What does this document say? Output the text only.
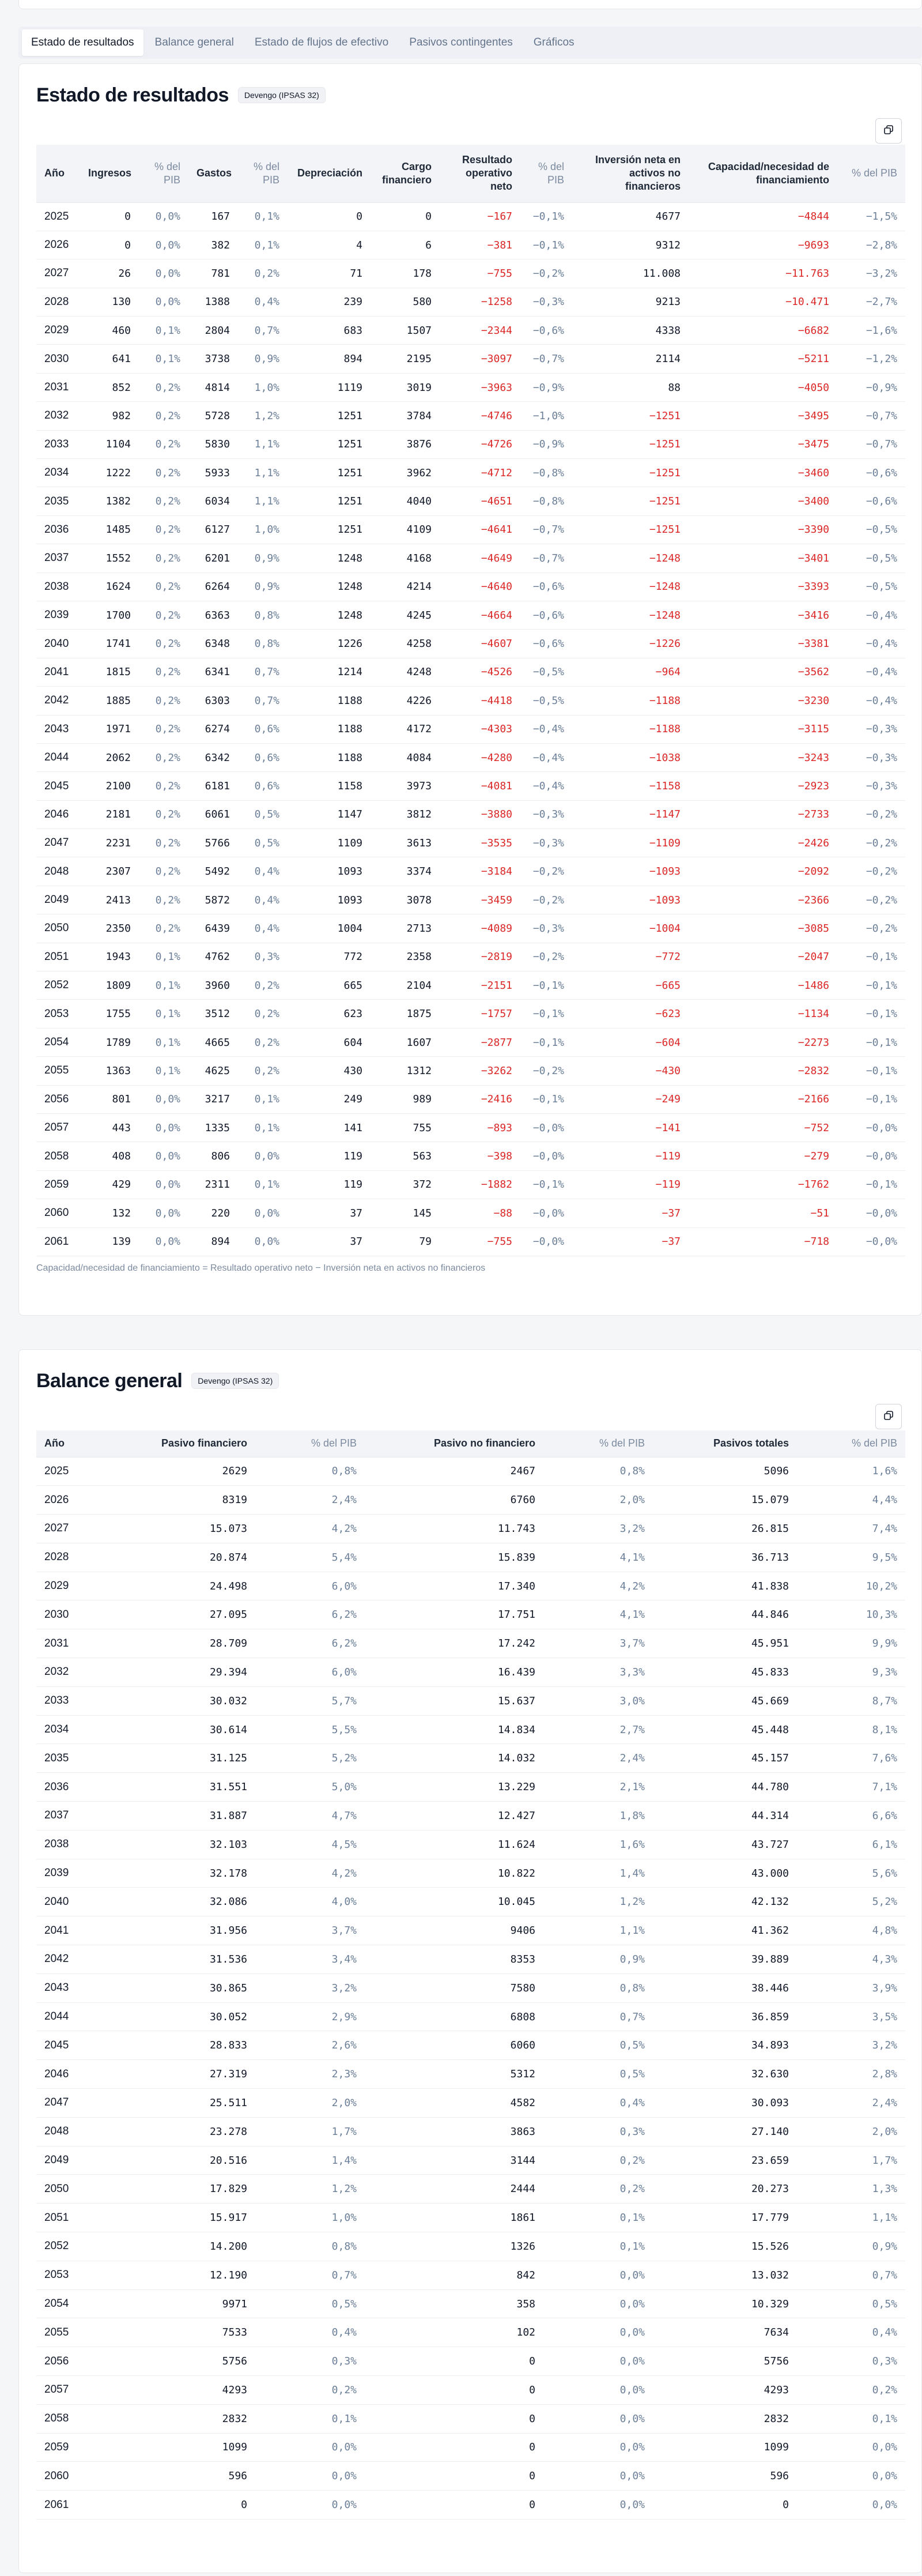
Estado de resultados	Balance general	Estado de flujos de efectivo	Pasivos contingentes	Gráficos
Estado de resultados	Devengo (IPSAS 32)
Año	Ingresos	% del PIB	Gastos	% del PIB	Depreciación	Cargo financiero	Resultado operativo neto	% del PIB	Inversión neta en activos no financieros	Capacidad/necesidad de financiamiento	% del PIB
2025	0	0,0%	167	0,1%	0	0	−167	−0,1%	4677	−4844	−1,5%
2026	0	0,0%	382	0,1%	4	6	−381	−0,1%	9312	−9693	−2,8%
2027	26	0,0%	781	0,2%	71	178	−755	−0,2%	11.008	−11.763	−3,2%
2028	130	0,0%	1388	0,4%	239	580	−1258	−0,3%	9213	−10.471	−2,7%
2029	460	0,1%	2804	0,7%	683	1507	−2344	−0,6%	4338	−6682	−1,6%
2030	641	0,1%	3738	0,9%	894	2195	−3097	−0,7%	2114	−5211	−1,2%
2031	852	0,2%	4814	1,0%	1119	3019	−3963	−0,9%	88	−4050	−0,9%
2032	982	0,2%	5728	1,2%	1251	3784	−4746	−1,0%	−1251	−3495	−0,7%
2033	1104	0,2%	5830	1,1%	1251	3876	−4726	−0,9%	−1251	−3475	−0,7%
2034	1222	0,2%	5933	1,1%	1251	3962	−4712	−0,8%	−1251	−3460	−0,6%
2035	1382	0,2%	6034	1,1%	1251	4040	−4651	−0,8%	−1251	−3400	−0,6%
2036	1485	0,2%	6127	1,0%	1251	4109	−4641	−0,7%	−1251	−3390	−0,5%
2037	1552	0,2%	6201	0,9%	1248	4168	−4649	−0,7%	−1248	−3401	−0,5%
2038	1624	0,2%	6264	0,9%	1248	4214	−4640	−0,6%	−1248	−3393	−0,5%
2039	1700	0,2%	6363	0,8%	1248	4245	−4664	−0,6%	−1248	−3416	−0,4%
2040	1741	0,2%	6348	0,8%	1226	4258	−4607	−0,6%	−1226	−3381	−0,4%
2041	1815	0,2%	6341	0,7%	1214	4248	−4526	−0,5%	−964	−3562	−0,4%
2042	1885	0,2%	6303	0,7%	1188	4226	−4418	−0,5%	−1188	−3230	−0,4%
2043	1971	0,2%	6274	0,6%	1188	4172	−4303	−0,4%	−1188	−3115	−0,3%
2044	2062	0,2%	6342	0,6%	1188	4084	−4280	−0,4%	−1038	−3243	−0,3%
2045	2100	0,2%	6181	0,6%	1158	3973	−4081	−0,4%	−1158	−2923	−0,3%
2046	2181	0,2%	6061	0,5%	1147	3812	−3880	−0,3%	−1147	−2733	−0,2%
2047	2231	0,2%	5766	0,5%	1109	3613	−3535	−0,3%	−1109	−2426	−0,2%
2048	2307	0,2%	5492	0,4%	1093	3374	−3184	−0,2%	−1093	−2092	−0,2%
2049	2413	0,2%	5872	0,4%	1093	3078	−3459	−0,2%	−1093	−2366	−0,2%
2050	2350	0,2%	6439	0,4%	1004	2713	−4089	−0,3%	−1004	−3085	−0,2%
2051	1943	0,1%	4762	0,3%	772	2358	−2819	−0,2%	−772	−2047	−0,1%
2052	1809	0,1%	3960	0,2%	665	2104	−2151	−0,1%	−665	−1486	−0,1%
2053	1755	0,1%	3512	0,2%	623	1875	−1757	−0,1%	−623	−1134	−0,1%
2054	1789	0,1%	4665	0,2%	604	1607	−2877	−0,1%	−604	−2273	−0,1%
2055	1363	0,1%	4625	0,2%	430	1312	−3262	−0,2%	−430	−2832	−0,1%
2056	801	0,0%	3217	0,1%	249	989	−2416	−0,1%	−249	−2166	−0,1%
2057	443	0,0%	1335	0,1%	141	755	−893	−0,0%	−141	−752	−0,0%
2058	408	0,0%	806	0,0%	119	563	−398	−0,0%	−119	−279	−0,0%
2059	429	0,0%	2311	0,1%	119	372	−1882	−0,1%	−119	−1762	−0,1%
2060	132	0,0%	220	0,0%	37	145	−88	−0,0%	−37	−51	−0,0%
2061	139	0,0%	894	0,0%	37	79	−755	−0,0%	−37	−718	−0,0%
Capacidad/necesidad de financiamiento = Resultado operativo neto − Inversión neta en activos no financieros
Balance general	Devengo (IPSAS 32)
Año	Pasivo financiero	% del PIB	Pasivo no financiero	% del PIB	Pasivos totales	% del PIB
2025	2629	0,8%	2467	0,8%	5096	1,6%
2026	8319	2,4%	6760	2,0%	15.079	4,4%
2027	15.073	4,2%	11.743	3,2%	26.815	7,4%
2028	20.874	5,4%	15.839	4,1%	36.713	9,5%
2029	24.498	6,0%	17.340	4,2%	41.838	10,2%
2030	27.095	6,2%	17.751	4,1%	44.846	10,3%
2031	28.709	6,2%	17.242	3,7%	45.951	9,9%
2032	29.394	6,0%	16.439	3,3%	45.833	9,3%
2033	30.032	5,7%	15.637	3,0%	45.669	8,7%
2034	30.614	5,5%	14.834	2,7%	45.448	8,1%
2035	31.125	5,2%	14.032	2,4%	45.157	7,6%
2036	31.551	5,0%	13.229	2,1%	44.780	7,1%
2037	31.887	4,7%	12.427	1,8%	44.314	6,6%
2038	32.103	4,5%	11.624	1,6%	43.727	6,1%
2039	32.178	4,2%	10.822	1,4%	43.000	5,6%
2040	32.086	4,0%	10.045	1,2%	42.132	5,2%
2041	31.956	3,7%	9406	1,1%	41.362	4,8%
2042	31.536	3,4%	8353	0,9%	39.889	4,3%
2043	30.865	3,2%	7580	0,8%	38.446	3,9%
2044	30.052	2,9%	6808	0,7%	36.859	3,5%
2045	28.833	2,6%	6060	0,5%	34.893	3,2%
2046	27.319	2,3%	5312	0,5%	32.630	2,8%
2047	25.511	2,0%	4582	0,4%	30.093	2,4%
2048	23.278	1,7%	3863	0,3%	27.140	2,0%
2049	20.516	1,4%	3144	0,2%	23.659	1,7%
2050	17.829	1,2%	2444	0,2%	20.273	1,3%
2051	15.917	1,0%	1861	0,1%	17.779	1,1%
2052	14.200	0,8%	1326	0,1%	15.526	0,9%
2053	12.190	0,7%	842	0,0%	13.032	0,7%
2054	9971	0,5%	358	0,0%	10.329	0,5%
2055	7533	0,4%	102	0,0%	7634	0,4%
2056	5756	0,3%	0	0,0%	5756	0,3%
2057	4293	0,2%	0	0,0%	4293	0,2%
2058	2832	0,1%	0	0,0%	2832	0,1%
2059	1099	0,0%	0	0,0%	1099	0,0%
2060	596	0,0%	0	0,0%	596	0,0%
2061	0	0,0%	0	0,0%	0	0,0%
